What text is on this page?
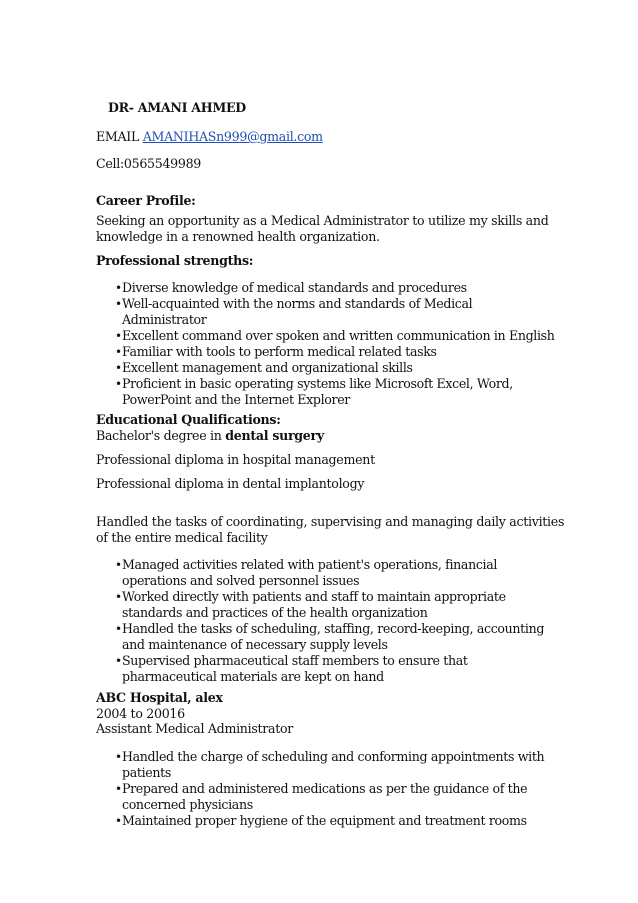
DR- AMANI AHMED

EMAIL AMANIHASn999@gmail.com

Cell:0565549989

Career Profile:

Seeking an opportunity as a Medical Administrator to utilize my skills and

knowledge in a renowned health organization.

Professional strengths:

• Diverse knowledge of medical standards and procedures
• Well-acquainted with the norms and standards of Medical
Administrator
• Excellent command over spoken and written communication in English
• Familiar with tools to perform medical related tasks
• Excellent management and organizational skills
• Proficient in basic operating systems like Microsoft Excel, Word,
PowerPoint and the Internet Explorer

Educational Qualifications:

Bachelor's degree in dental surgery

Professional diploma in hospital management

Professional diploma in dental implantology

Handled the tasks of coordinating, supervising and managing daily activities

of the entire medical facility

• Managed activities related with patient's operations, financial
operations and solved personnel issues
• Worked directly with patients and staff to maintain appropriate
standards and practices of the health organization
• Handled the tasks of scheduling, staffing, record-keeping, accounting
and maintenance of necessary supply levels
• Supervised pharmaceutical staff members to ensure that
pharmaceutical materials are kept on hand

ABC Hospital, alex

2004 to 20016

Assistant Medical Administrator

• Handled the charge of scheduling and conforming appointments with
patients
• Prepared and administered medications as per the guidance of the
concerned physicians
• Maintained proper hygiene of the equipment and treatment rooms
